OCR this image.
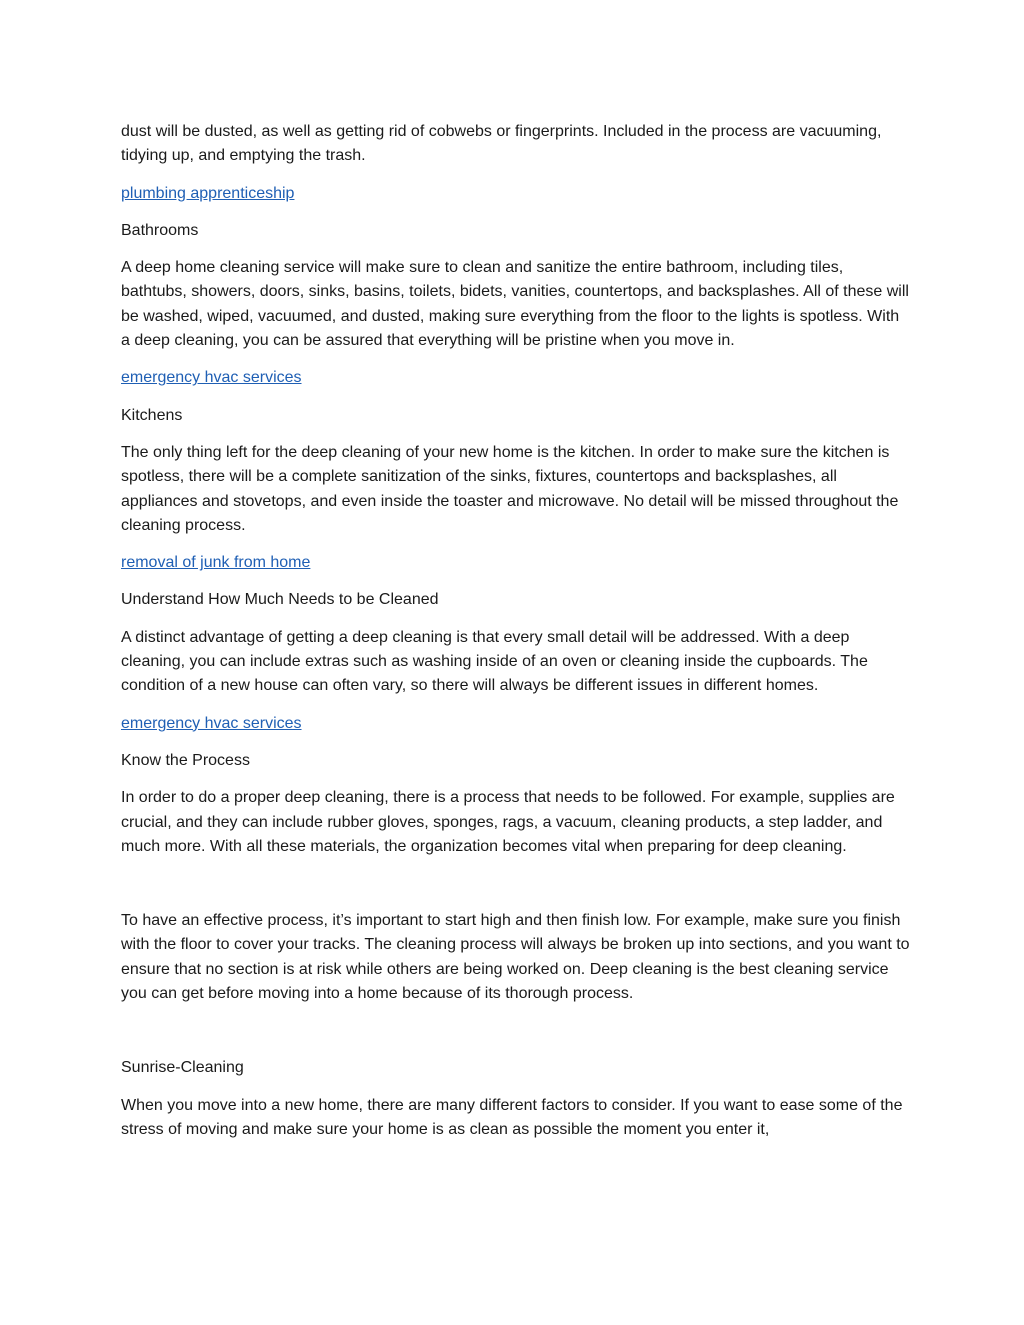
dust will be dusted, as well as getting rid of cobwebs or fingerprints. Included in the process are vacuuming, tidying up, and emptying the trash.

plumbing apprenticeship

Bathrooms

A deep home cleaning service will make sure to clean and sanitize the entire bathroom, including tiles, bathtubs, showers, doors, sinks, basins, toilets, bidets, vanities, countertops, and backsplashes. All of these will be washed, wiped, vacuumed, and dusted, making sure everything from the floor to the lights is spotless. With a deep cleaning, you can be assured that everything will be pristine when you move in.

emergency hvac services

Kitchens

The only thing left for the deep cleaning of your new home is the kitchen. In order to make sure the kitchen is spotless, there will be a complete sanitization of the sinks, fixtures, countertops and backsplashes, all appliances and stovetops, and even inside the toaster and microwave. No detail will be missed throughout the cleaning process.

removal of junk from home

Understand How Much Needs to be Cleaned

A distinct advantage of getting a deep cleaning is that every small detail will be addressed. With a deep cleaning, you can include extras such as washing inside of an oven or cleaning inside the cupboards. The condition of a new house can often vary, so there will always be different issues in different homes.

emergency hvac services

Know the Process

In order to do a proper deep cleaning, there is a process that needs to be followed. For example, supplies are crucial, and they can include rubber gloves, sponges, rags, a vacuum, cleaning products, a step ladder, and much more. With all these materials, the organization becomes vital when preparing for deep cleaning.

To have an effective process, it’s important to start high and then finish low. For example, make sure you finish with the floor to cover your tracks. The cleaning process will always be broken up into sections, and you want to ensure that no section is at risk while others are being worked on. Deep cleaning is the best cleaning service you can get before moving into a home because of its thorough process.

Sunrise-Cleaning

When you move into a new home, there are many different factors to consider. If you want to ease some of the stress of moving and make sure your home is as clean as possible the moment you enter it,
